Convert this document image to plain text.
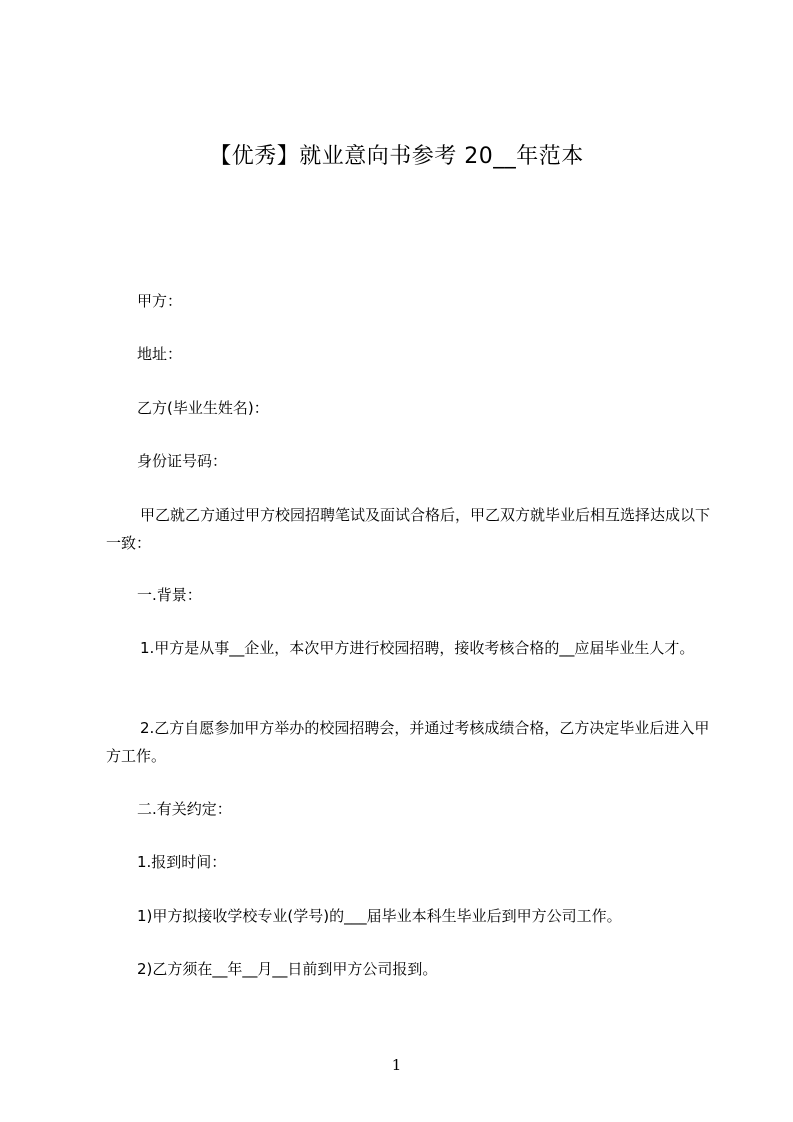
【优秀】就业意向书参考 20__年范本
甲方：
地址：
乙方(毕业生姓名)：
身份证号码：
甲乙就乙方通过甲方校园招聘笔试及面试合格后，甲乙双方就毕业后相互选择达成以下一致：
一.背景：
1.甲方是从事__企业，本次甲方进行校园招聘，接收考核合格的__应届毕业生人才。
2.乙方自愿参加甲方举办的校园招聘会，并通过考核成绩合格，乙方决定毕业后进入甲方工作。
二.有关约定：
1.报到时间：
1)甲方拟接收学校专业(学号)的___届毕业本科生毕业后到甲方公司工作。
2)乙方须在__年__月__日前到甲方公司报到。
1
